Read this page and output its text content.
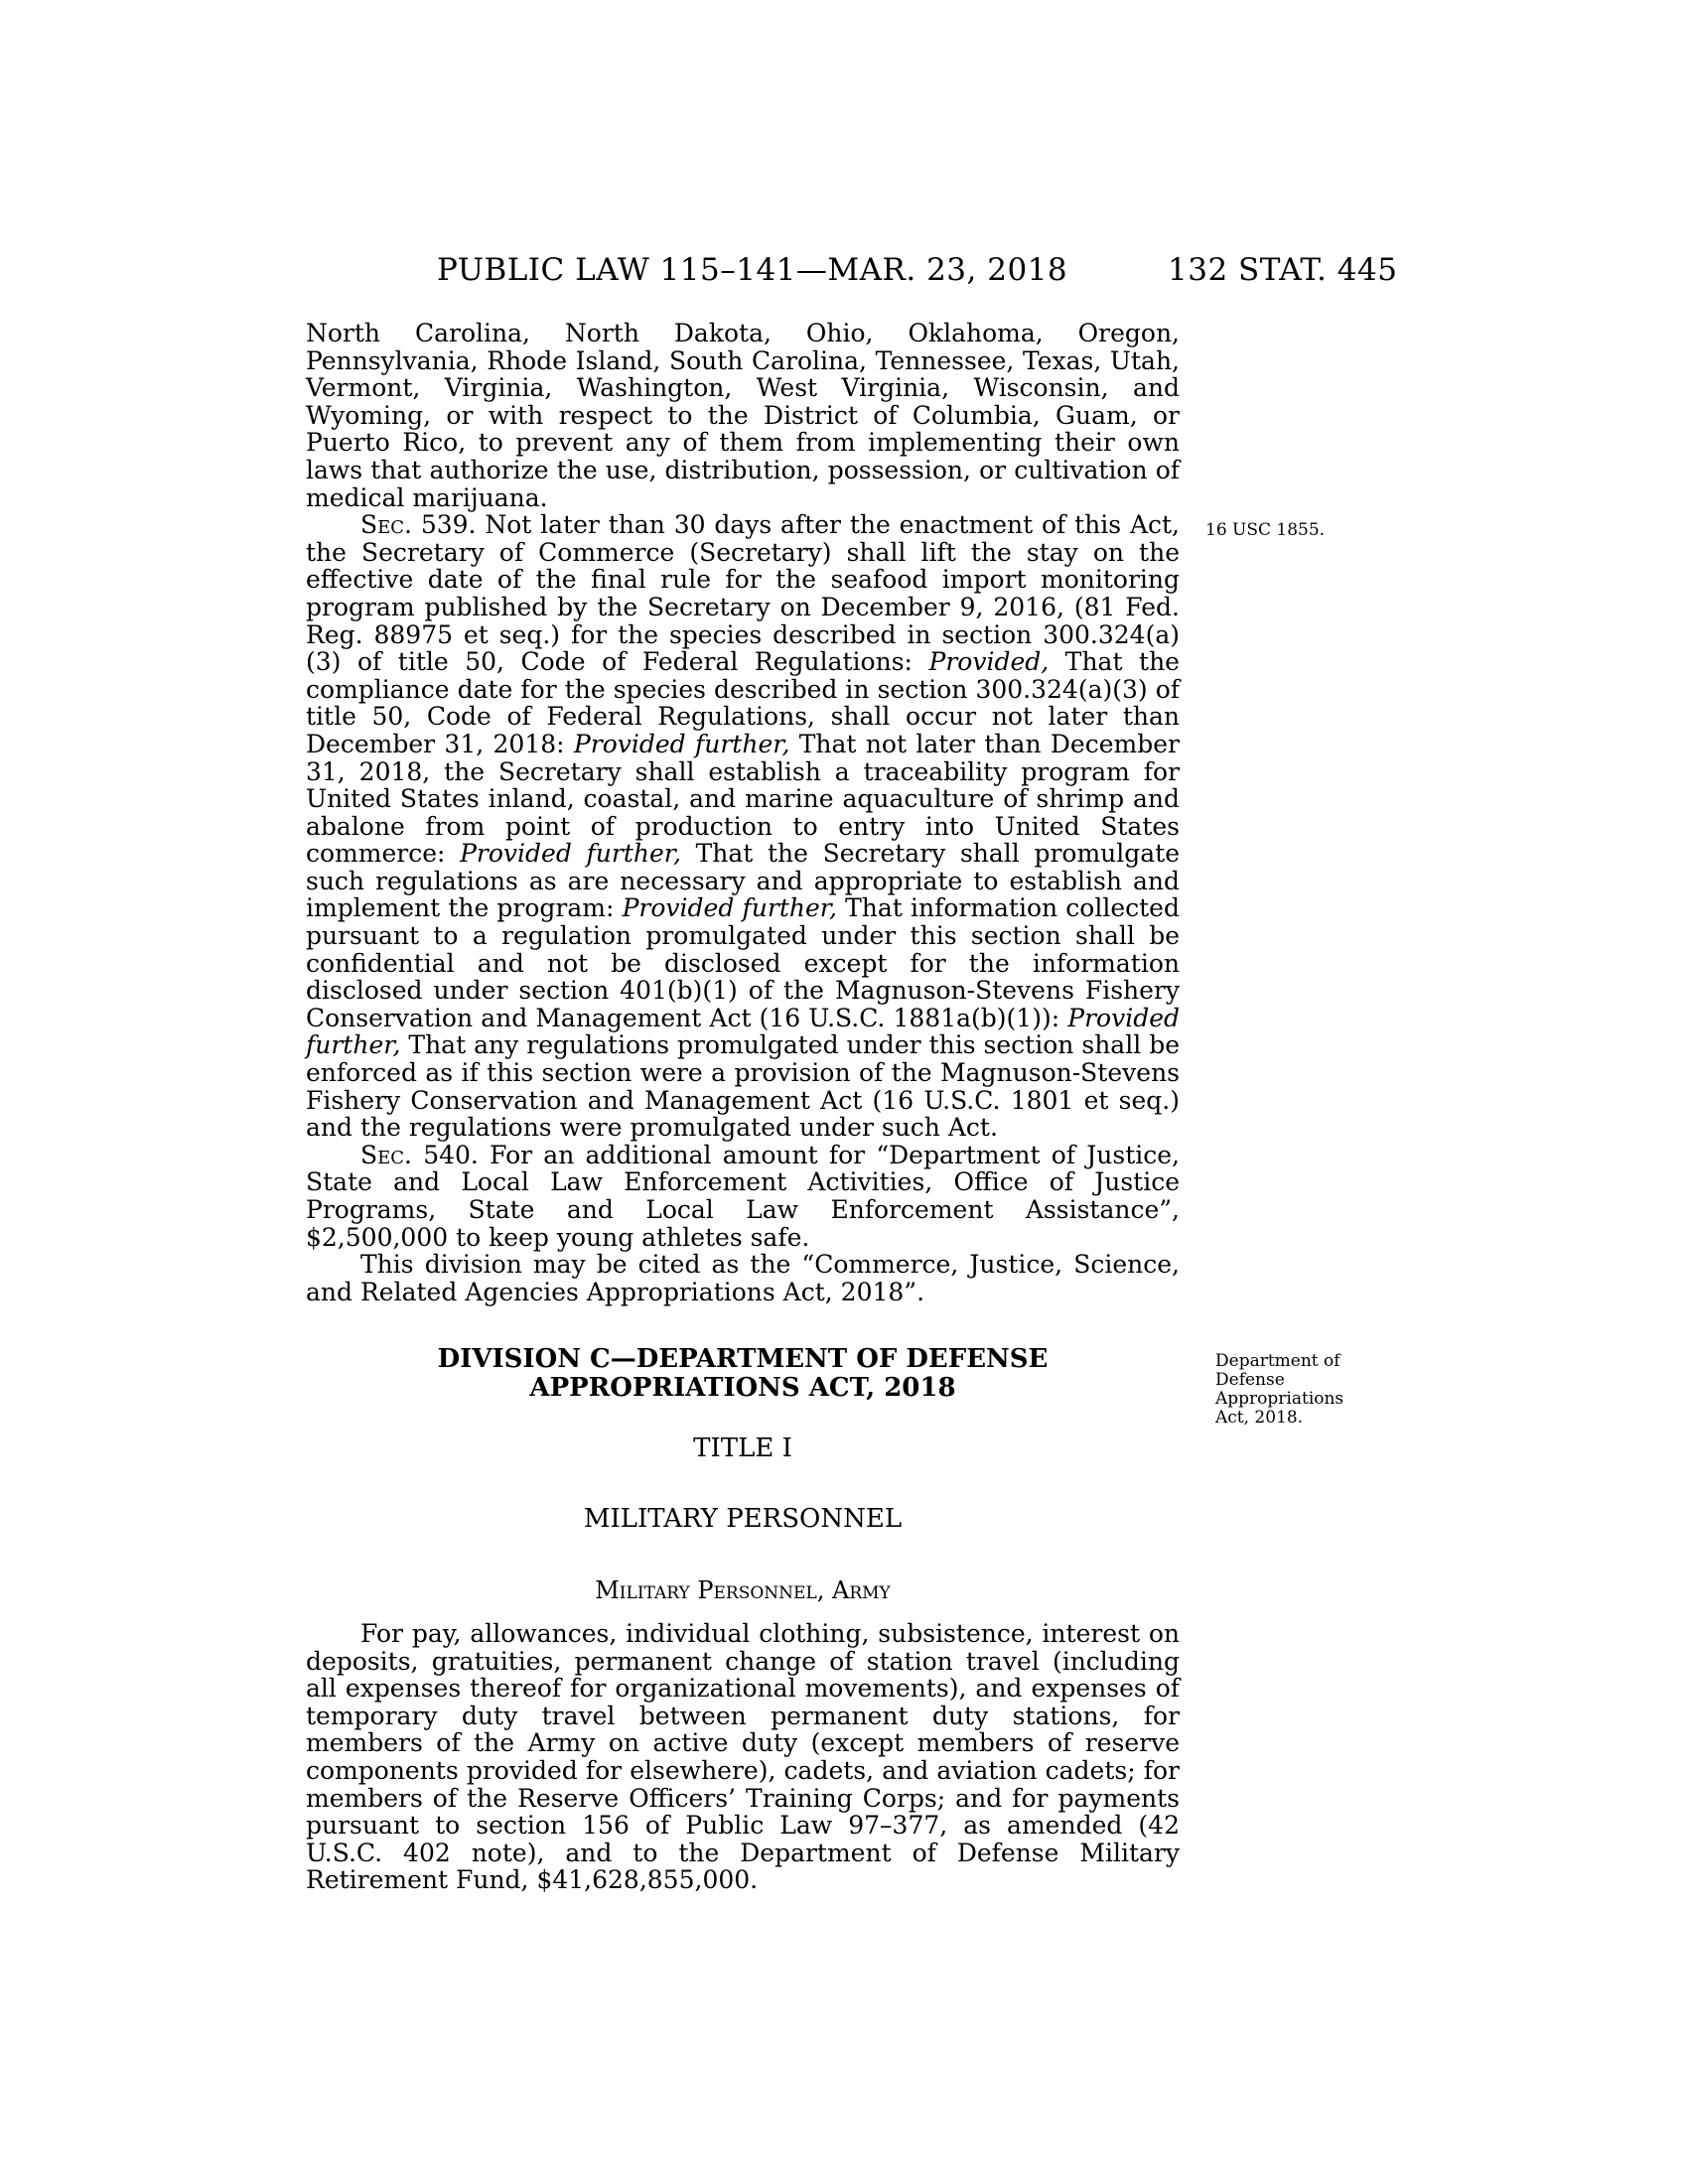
PUBLIC LAW 115–141—MAR. 23, 2018	132 STAT. 445

North Carolina, North Dakota, Ohio, Oklahoma, Oregon, Pennsylvania, Rhode Island, South Carolina, Tennessee, Texas, Utah, Vermont, Virginia, Washington, West Virginia, Wisconsin, and Wyoming, or with respect to the District of Columbia, Guam, or Puerto Rico, to prevent any of them from implementing their own laws that authorize the use, distribution, possession, or cultivation of medical marijuana.

Sec. 539. Not later than 30 days after the enactment of this Act, the Secretary of Commerce (Secretary) shall lift the stay on the effective date of the final rule for the seafood import monitoring program published by the Secretary on December 9, 2016, (81 Fed. Reg. 88975 et seq.) for the species described in section 300.324(a)(3) of title 50, Code of Federal Regulations: Provided, That the compliance date for the species described in section 300.324(a)(3) of title 50, Code of Federal Regulations, shall occur not later than December 31, 2018: Provided further, That not later than December 31, 2018, the Secretary shall establish a traceability program for United States inland, coastal, and marine aquaculture of shrimp and abalone from point of production to entry into United States commerce: Provided further, That the Secretary shall promulgate such regulations as are necessary and appropriate to establish and implement the program: Provided further, That information collected pursuant to a regulation promulgated under this section shall be confidential and not be disclosed except for the information disclosed under section 401(b)(1) of the Magnuson-Stevens Fishery Conservation and Management Act (16 U.S.C. 1881a(b)(1)): Provided further, That any regulations promulgated under this section shall be enforced as if this section were a provision of the Magnuson-Stevens Fishery Conservation and Management Act (16 U.S.C. 1801 et seq.) and the regulations were promulgated under such Act.

Sec. 540. For an additional amount for “Department of Justice, State and Local Law Enforcement Activities, Office of Justice Programs, State and Local Law Enforcement Assistance”, $2,500,000 to keep young athletes safe.

This division may be cited as the “Commerce, Justice, Science, and Related Agencies Appropriations Act, 2018”.

16 USC 1855.
DIVISION C—DEPARTMENT OF DEFENSE
APPROPRIATIONS ACT, 2018
Department of
Defense
Appropriations
Act, 2018.
TITLE I
MILITARY PERSONNEL
Military Personnel, Army

For pay, allowances, individual clothing, subsistence, interest on deposits, gratuities, permanent change of station travel (including all expenses thereof for organizational movements), and expenses of temporary duty travel between permanent duty stations, for members of the Army on active duty (except members of reserve components provided for elsewhere), cadets, and aviation cadets; for members of the Reserve Officers’ Training Corps; and for payments pursuant to section 156 of Public Law 97–377, as amended (42 U.S.C. 402 note), and to the Department of Defense Military Retirement Fund, $41,628,855,000.
